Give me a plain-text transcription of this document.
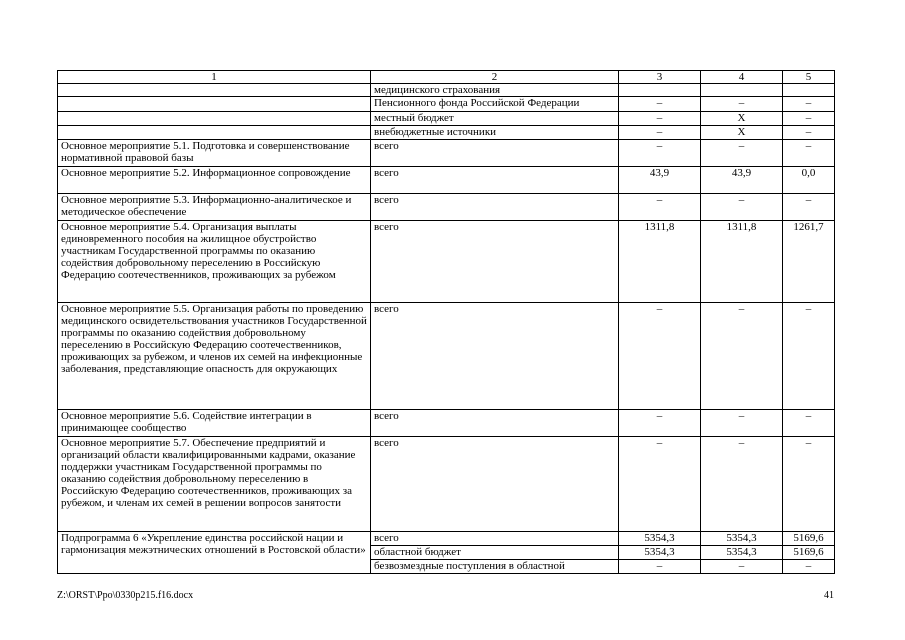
1	2	3	4	5
	медицинского страхования			
	Пенсионного фонда Российской Федерации	–	–	–
	местный бюджет	–	X	–
	внебюджетные источники	–	X	–
Основное мероприятие 5.1. Подготовка и совершенствование нормативной правовой базы	всего	–	–	–
Основное мероприятие 5.2. Информационное сопровождение	всего	43,9	43,9	0,0
Основное мероприятие 5.3. Информационно-аналитическое и методическое обеспечение	всего	–	–	–
Основное мероприятие 5.4. Организация выплаты единовременного пособия на жилищное обустройство участникам Государственной программы по оказанию содействия добровольному переселению в Российскую Федерацию соотечественников, проживающих за рубежом	всего	1311,8	1311,8	1261,7
Основное мероприятие 5.5. Организация работы по проведению медицинского освидетельствования участников Государственной программы по оказанию содействия добровольному переселению в Российскую Федерацию соотечественников, проживающих за рубежом, и членов их семей на инфекционные заболевания, представляющие опасность для окружающих	всего	–	–	–
Основное мероприятие 5.6. Содействие интеграции в принимающее сообщество	всего	–	–	–
Основное мероприятие 5.7. Обеспечение предприятий и организаций области квалифицированными кадрами, оказание поддержки участникам Государственной программы по оказанию содействия добровольному переселению в Российскую Федерацию соотечественников, проживающих за рубежом, и членам их семей в решении вопросов занятости	всего	–	–	–
Подпрограмма 6 «Укрепление единства российской нации и гармонизация межэтнических отношений в Ростовской области»	всего	5354,3	5354,3	5169,6
	областной бюджет	5354,3	5354,3	5169,6
	безвозмездные поступления в областной	–	–	–
Z:\ORST\Ppo\0330p215.f16.docx	41
